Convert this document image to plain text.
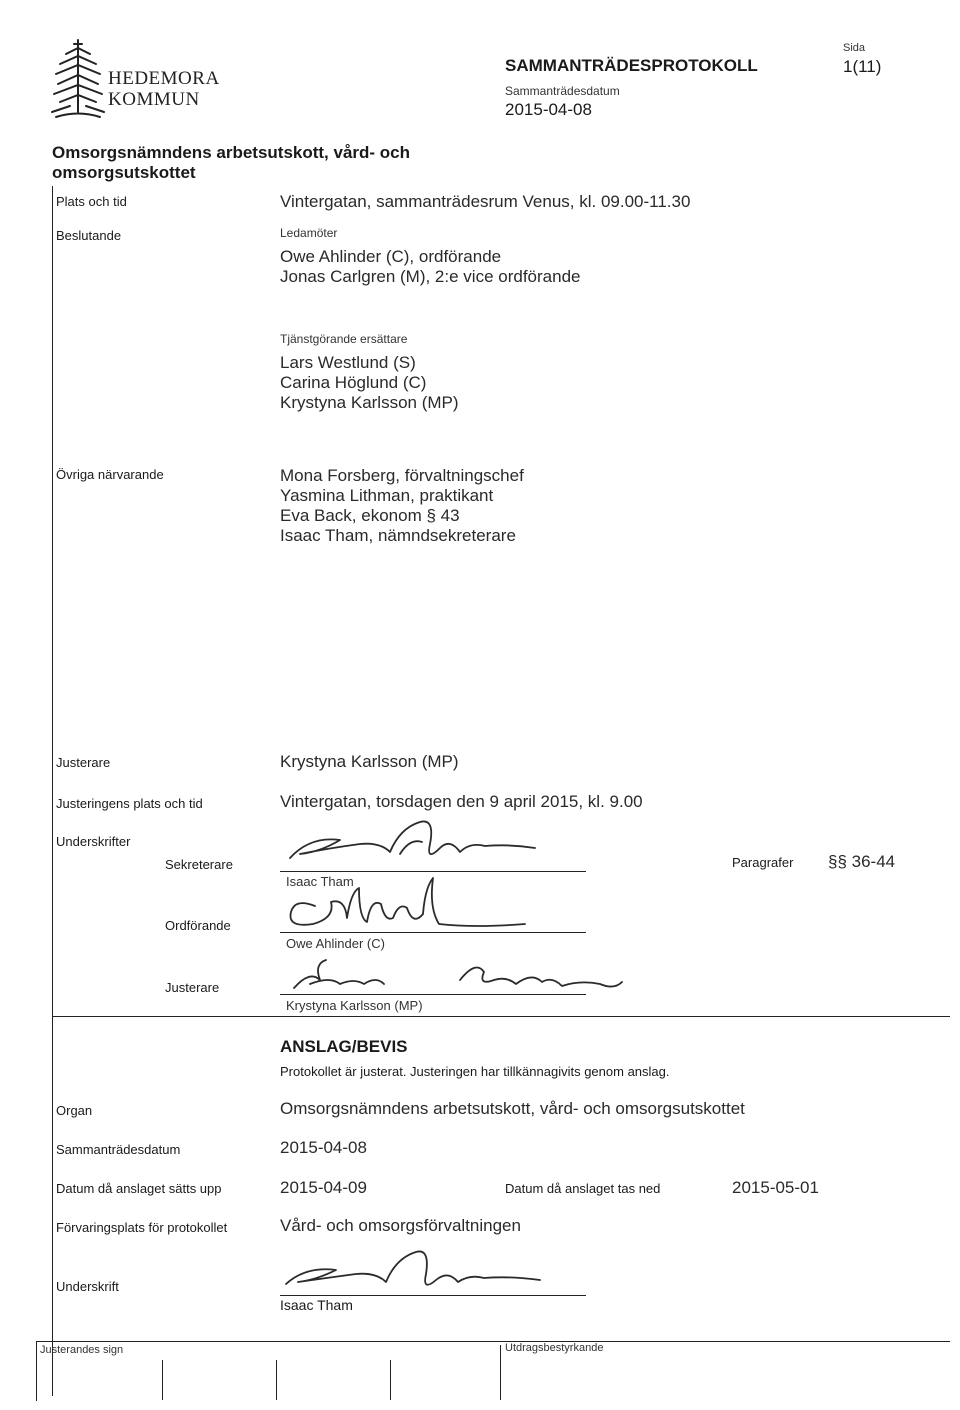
HEDEMORA
KOMMUN
SAMMANTRÄDESPROTOKOLL
Sammanträdesdatum
2015-04-08
Sida
1(11)
Omsorgsnämndens arbetsutskott, vård- och
omsorgsutskottet
Plats och tid	Vintergatan, sammanträdesrum Venus, kl. 09.00-11.30
Beslutande	Ledamöter
Owe Ahlinder (C), ordförande
Jonas Carlgren (M), 2:e vice ordförande
Tjänstgörande ersättare
Lars Westlund (S)
Carina Höglund (C)
Krystyna Karlsson (MP)
Övriga närvarande	Mona Forsberg, förvaltningschef
Yasmina Lithman, praktikant
Eva Back, ekonom § 43
Isaac Tham, nämndsekreterare
Justerare	Krystyna Karlsson (MP)
Justeringens plats och tid	Vintergatan, torsdagen den 9 april 2015, kl. 9.00
Underskrifter
Sekreterare
Isaac Tham
Paragrafer §§ 36-44
Ordförande
Owe Ahlinder (C)
Justerare
Krystyna Karlsson (MP)
ANSLAG/BEVIS
Protokollet är justerat. Justeringen har tillkännagivits genom anslag.
Organ	Omsorgsnämndens arbetsutskott, vård- och omsorgsutskottet
Sammanträdesdatum	2015-04-08
Datum då anslaget sätts upp	2015-04-09	Datum då anslaget tas ned	2015-05-01
Förvaringsplats för protokollet	Vård- och omsorgsförvaltningen
Underskrift
Isaac Tham
Justerandes sign	Utdragsbestyrkande
